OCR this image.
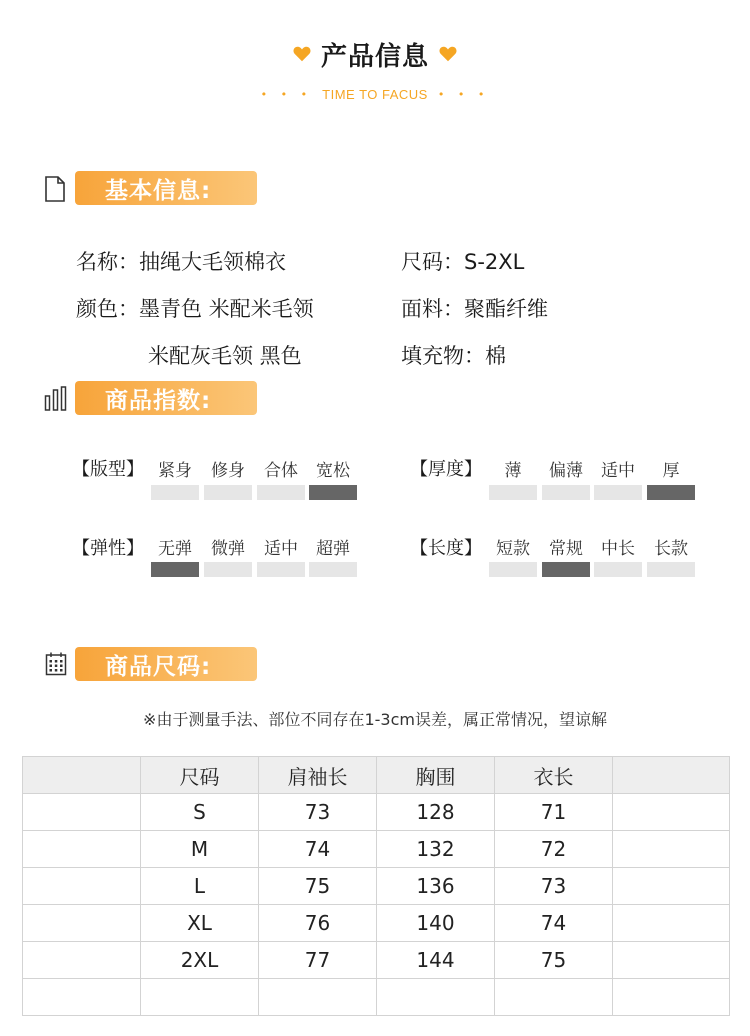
产品信息
• • • TIME TO FACUS • • •
基本信息:
名称：抽绳大毛领棉衣	尺码：S-2XL
颜色：墨青色 米配米毛领	面料：聚酯纤维
米配灰毛领 黑色	填充物：棉
商品指数:
【版型】 紧身	修身	合体	宽松	【厚度】	薄	偏薄	适中	厚
【弹性】 无弹	微弹	适中	超弹	【长度】 短款	常规	中长	长款
商品尺码:
※由于测量手法、部位不同存在1-3cm误差，属正常情况，望谅解
	尺码	肩袖长	胸围	衣长	
	S	73	128	71	
	M	74	132	72	
	L	75	136	73	
	XL	76	140	74	
	2XL	77	144	75	
